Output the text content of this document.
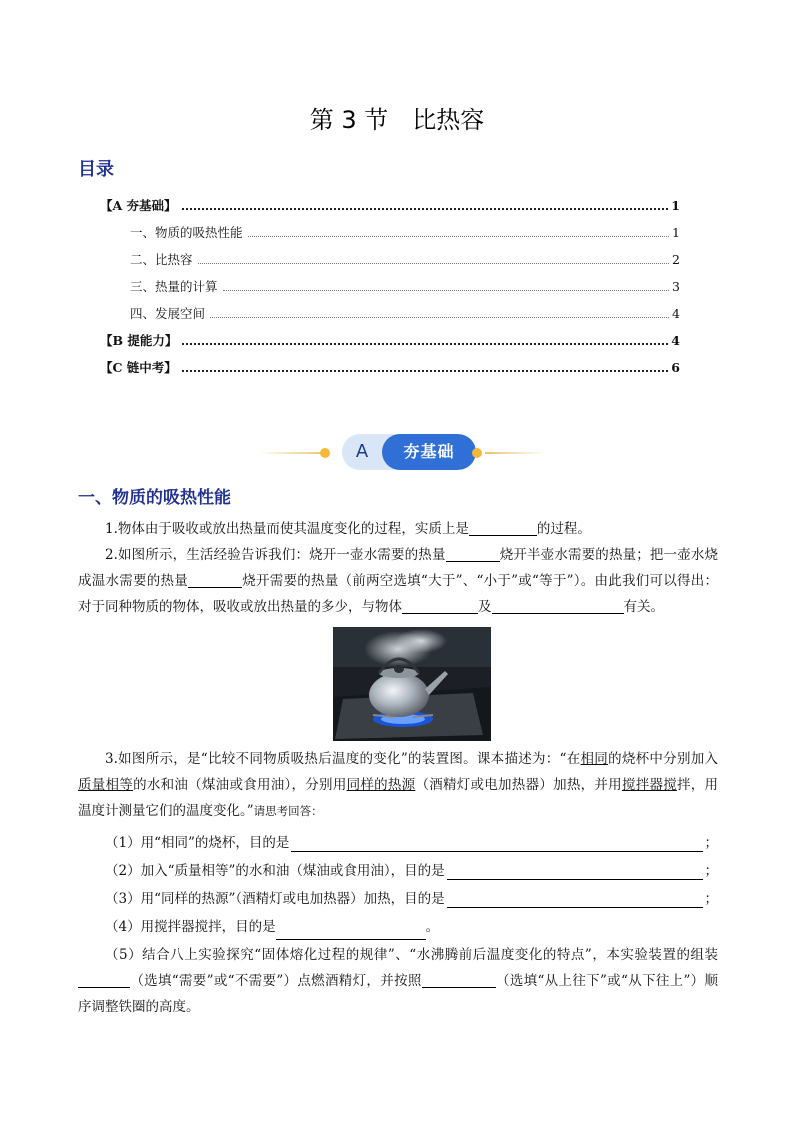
第 3 节　比热容
目录
【A 夯基础】	1
一、物质的吸热性能	1
二、比热容	2
三、热量的计算	3
四、发展空间	4
【B 提能力】	4
【C 链中考】	6
A	夯基础
一、物质的吸热性能
1.物体由于吸收或放出热量而使其温度变化的过程，实质上是	的过程。
2.如图所示，生活经验告诉我们：烧开一壶水需要的热量	烧开半壶水需要的热量；把一壶水烧成温水需要的热量	烧开需要的热量（前两空选填“大于”、“小于”或“等于”）。由此我们可以得出：对于同种物质的物体，吸收或放出热量的多少，与物体	及	有关。
3.如图所示，是“比较不同物质吸热后温度的变化”的装置图。课本描述为：“在相同的烧杯中分别加入质量相等的水和油（煤油或食用油），分别用同样的热源（酒精灯或电加热器）加热，并用搅拌器搅拌，用温度计测量它们的温度变化。”请思考回答：
（1）用“相同”的烧杯，目的是	；
（2）加入“质量相等”的水和油（煤油或食用油），目的是	；
（3）用“同样的热源”（酒精灯或电加热器）加热，目的是	；
（4）用搅拌器搅拌，目的是	。
（5）结合八上实验探究“固体熔化过程的规律”、“水沸腾前后温度变化的特点”，本实验装置的组装（选填“需要”或“不需要”）点燃酒精灯，并按照	（选填“从上往下”或“从下往上”）顺序调整铁圈的高度。
